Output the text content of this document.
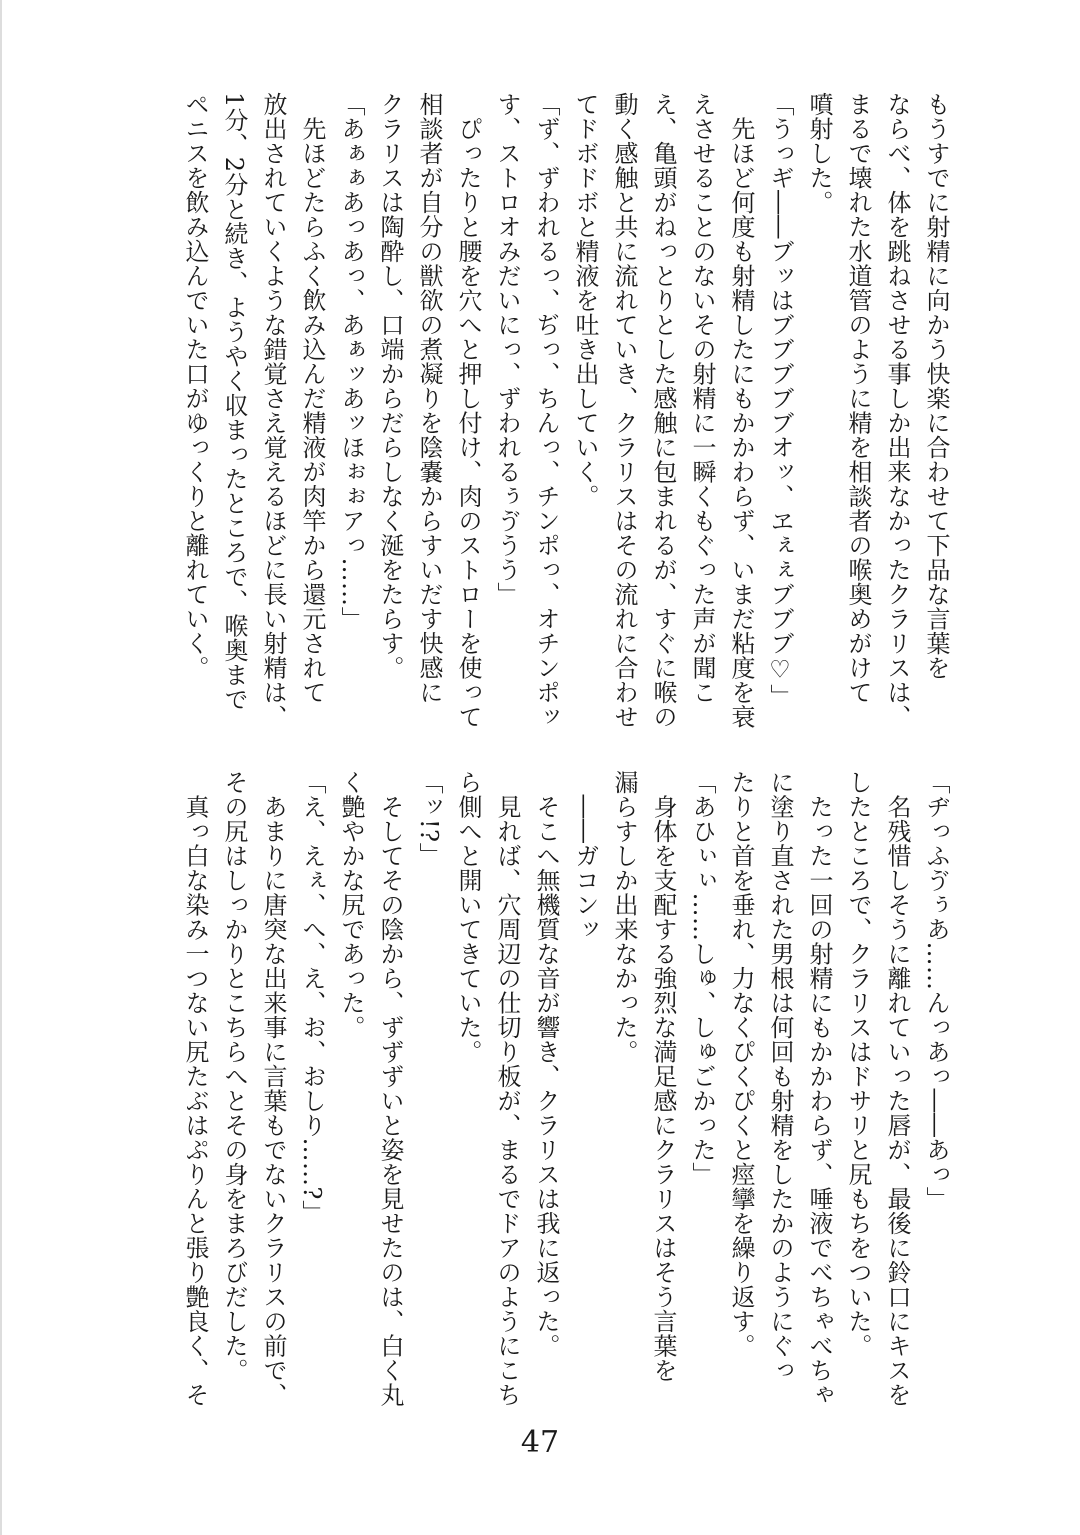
もうすでに射精に向かう快楽に合わせて下品な言葉を

ならべ、体を跳ねさせる事しか出来なかったクラリスは、

まるで壊れた水道管のように精を相談者の喉奥めがけて

噴射した。

「うっギ――ブッはブブブブブオッ、ヱぇぇブブブ♡」

　先ほど何度も射精したにもかかわらず、いまだ粘度を衰

えさせることのないその射精に一瞬くもぐった声が聞こ

え、亀頭がねっとりとした感触に包まれるが、すぐに喉の

動く感触と共に流れていき、クラリスはその流れに合わせ

てドボドボと精液を吐き出していく。

「ず、ずわれるっ、ぢっ、ちんっ、チンポっ、オチンポッ

す、ストロオみだいにっ、ずわれるぅゔうう」

　ぴったりと腰を穴へと押し付け、肉のストローを使って

相談者が自分の獣欲の煮凝りを陰嚢からすいだす快感に

クラリスは陶酔し、口端からだらしなく涎をたらす。

「あぁぁあっあっ、あぁッあッほぉぉアっ……」

　先ほどたらふく飲み込んだ精液が肉竿から還元されて

放出されていくような錯覚さえ覚えるほどに長い射精は、

1分、2分と続き、ようやく収まったところで、喉奥まで

ペニスを飲み込んでいた口がゆっくりと離れていく。

「ヂっふゔぅあ……んっあっ――あっ」

　名残惜しそうに離れていった唇が、最後に鈴口にキスを

したところで、クラリスはドサリと尻もちをついた。

　たった一回の射精にもかかわらず、唾液でべちゃべちゃ

に塗り直された男根は何回も射精をしたかのようにぐっ

たりと首を垂れ、力なくぴくぴくと痙攣を繰り返す。

「あひぃぃ……しゅ、しゅごかった」

　身体を支配する強烈な満足感にクラリスはそう言葉を

漏らすしか出来なかった。

　――ガコンッ

　そこへ無機質な音が響き、クラリスは我に返った。

　見れば、穴周辺の仕切り板が、まるでドアのようにこち

ら側へと開いてきていた。

「ッ!?」

　そしてその陰から、ずずずいと姿を見せたのは、白く丸

く艶やかな尻であった。

「え、えぇ、へ、え、お、おしり……?」

　あまりに唐突な出来事に言葉もでないクラリスの前で、

その尻はしっかりとこちらへとその身をまろびだした。

　真っ白な染み一つない尻たぶはぷりんと張り艶良く、そ

47
